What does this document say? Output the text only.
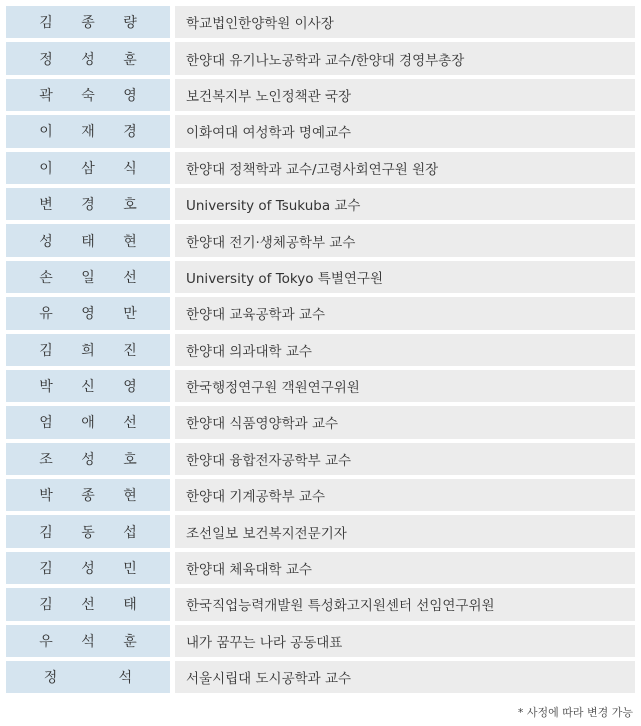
김 종 량	학교법인한양학원 이사장
정 성 훈	한양대 유기나노공학과 교수/한양대 경영부총장
곽 숙 영	보건복지부 노인정책관 국장
이 재 경	이화여대 여성학과 명예교수
이 삼 식	한양대 정책학과 교수/고령사회연구원 원장
변 경 호	University of Tsukuba 교수
성 태 현	한양대 전기·생체공학부 교수
손 일 선	University of Tokyo 특별연구원
유 영 만	한양대 교육공학과 교수
김 희 진	한양대 의과대학 교수
박 신 영	한국행정연구원 객원연구위원
엄 애 선	한양대 식품영양학과 교수
조 성 호	한양대 융합전자공학부 교수
박 종 현	한양대 기계공학부 교수
김 동 섭	조선일보 보건복지전문기자
김 성 민	한양대 체육대학 교수
김 선 태	한국직업능력개발원 특성화고지원센터 선임연구위원
우 석 훈	내가 꿈꾸는 나라 공동대표
정   석	서울시립대 도시공학과 교수
* 사정에 따라 변경 가능
